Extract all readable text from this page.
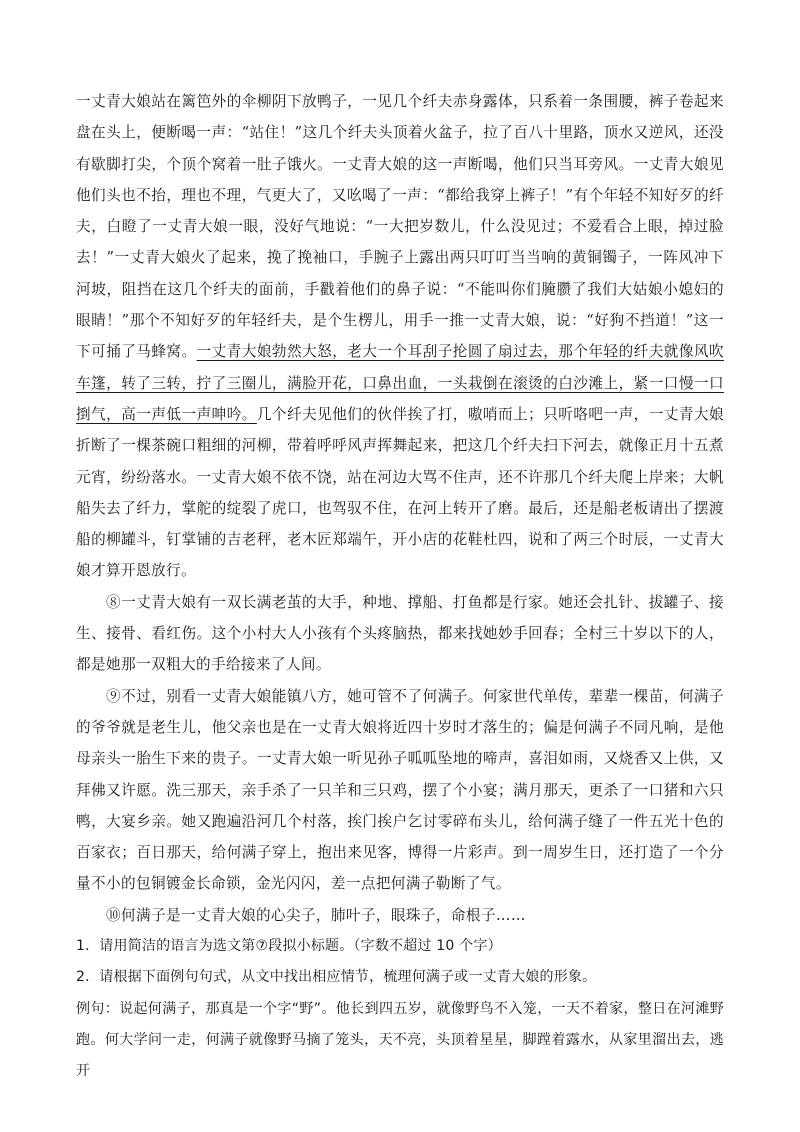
一丈青大娘站在篱笆外的伞柳阴下放鸭子，一见几个纤夫赤身露体，只系着一条围腰，裤子卷起来盘在头上，便断喝一声：“站住！”这几个纤夫头顶着火盆子，拉了百八十里路，顶水又逆风，还没有歇脚打尖，个顶个窝着一肚子饿火。一丈青大娘的这一声断喝，他们只当耳旁风。一丈青大娘见他们头也不抬，理也不理，气更大了，又吆喝了一声：“都给我穿上裤子！”有个年轻不知好歹的纤夫，白瞪了一丈青大娘一眼，没好气地说：“一大把岁数儿，什么没见过；不爱看合上眼，掉过脸去！”一丈青大娘火了起来，挽了挽袖口，手腕子上露出两只叮叮当当响的黄铜镯子，一阵风冲下河坡，阻挡在这几个纤夫的面前，手戳着他们的鼻子说：“不能叫你们腌臜了我们大姑娘小媳妇的眼睛！”那个不知好歹的年轻纤夫，是个生楞儿，用手一推一丈青大娘，说：“好狗不挡道！”这一下可捅了马蜂窝。一丈青大娘勃然大怒，老大一个耳刮子抡圆了扇过去，那个年轻的纤夫就像风吹车篷，转了三转，拧了三圈儿，满脸开花，口鼻出血，一头栽倒在滚烫的白沙滩上，紧一口慢一口捯气，高一声低一声呻吟。几个纤夫见他们的伙伴挨了打，嗷哨而上；只听咯吧一声，一丈青大娘折断了一棵茶碗口粗细的河柳，带着呼呼风声挥舞起来，把这几个纤夫扫下河去，就像正月十五煮元宵，纷纷落水。一丈青大娘不依不饶，站在河边大骂不住声，还不许那几个纤夫爬上岸来；大帆船失去了纤力，掌舵的绽裂了虎口，也驾驭不住，在河上转开了磨。最后，还是船老板请出了摆渡船的柳罐斗，钉掌铺的吉老秤，老木匠郑端午，开小店的花鞋杜四，说和了两三个时辰，一丈青大娘才算开恩放行。

⑧一丈青大娘有一双长满老茧的大手，种地、撑船、打鱼都是行家。她还会扎针、拔罐子、接生、接骨、看红伤。这个小村大人小孩有个头疼脑热，都来找她妙手回春；全村三十岁以下的人，都是她那一双粗大的手给接来了人间。

⑨不过，别看一丈青大娘能镇八方，她可管不了何满子。何家世代单传，辈辈一棵苗，何满子的爷爷就是老生儿，他父亲也是在一丈青大娘将近四十岁时才落生的；偏是何满子不同凡响，是他母亲头一胎生下来的贵子。一丈青大娘一听见孙子呱呱坠地的啼声，喜泪如雨，又烧香又上供，又拜佛又许愿。洗三那天，亲手杀了一只羊和三只鸡，摆了个小宴；满月那天，更杀了一口猪和六只鸭，大宴乡亲。她又跑遍沿河几个村落，挨门挨户乞讨零碎布头儿，给何满子缝了一件五光十色的百家衣；百日那天，给何满子穿上，抱出来见客，博得一片彩声。到一周岁生日，还打造了一个分量不小的包铜镀金长命锁，金光闪闪，差一点把何满子勒断了气。

⑩何满子是一丈青大娘的心尖子，肺叶子，眼珠子，命根子……

1．请用简洁的语言为选文第⑦段拟小标题。（字数不超过 10 个字）

2．请根据下面例句句式，从文中找出相应情节，梳理何满子或一丈青大娘的形象。

例句：说起何满子，那真是一个字“野”。他长到四五岁，就像野鸟不入笼，一天不着家，整日在河滩野跑。何大学问一走，何满子就像野马摘了笼头，天不亮，头顶着星星，脚蹚着露水，从家里溜出去，逃开
